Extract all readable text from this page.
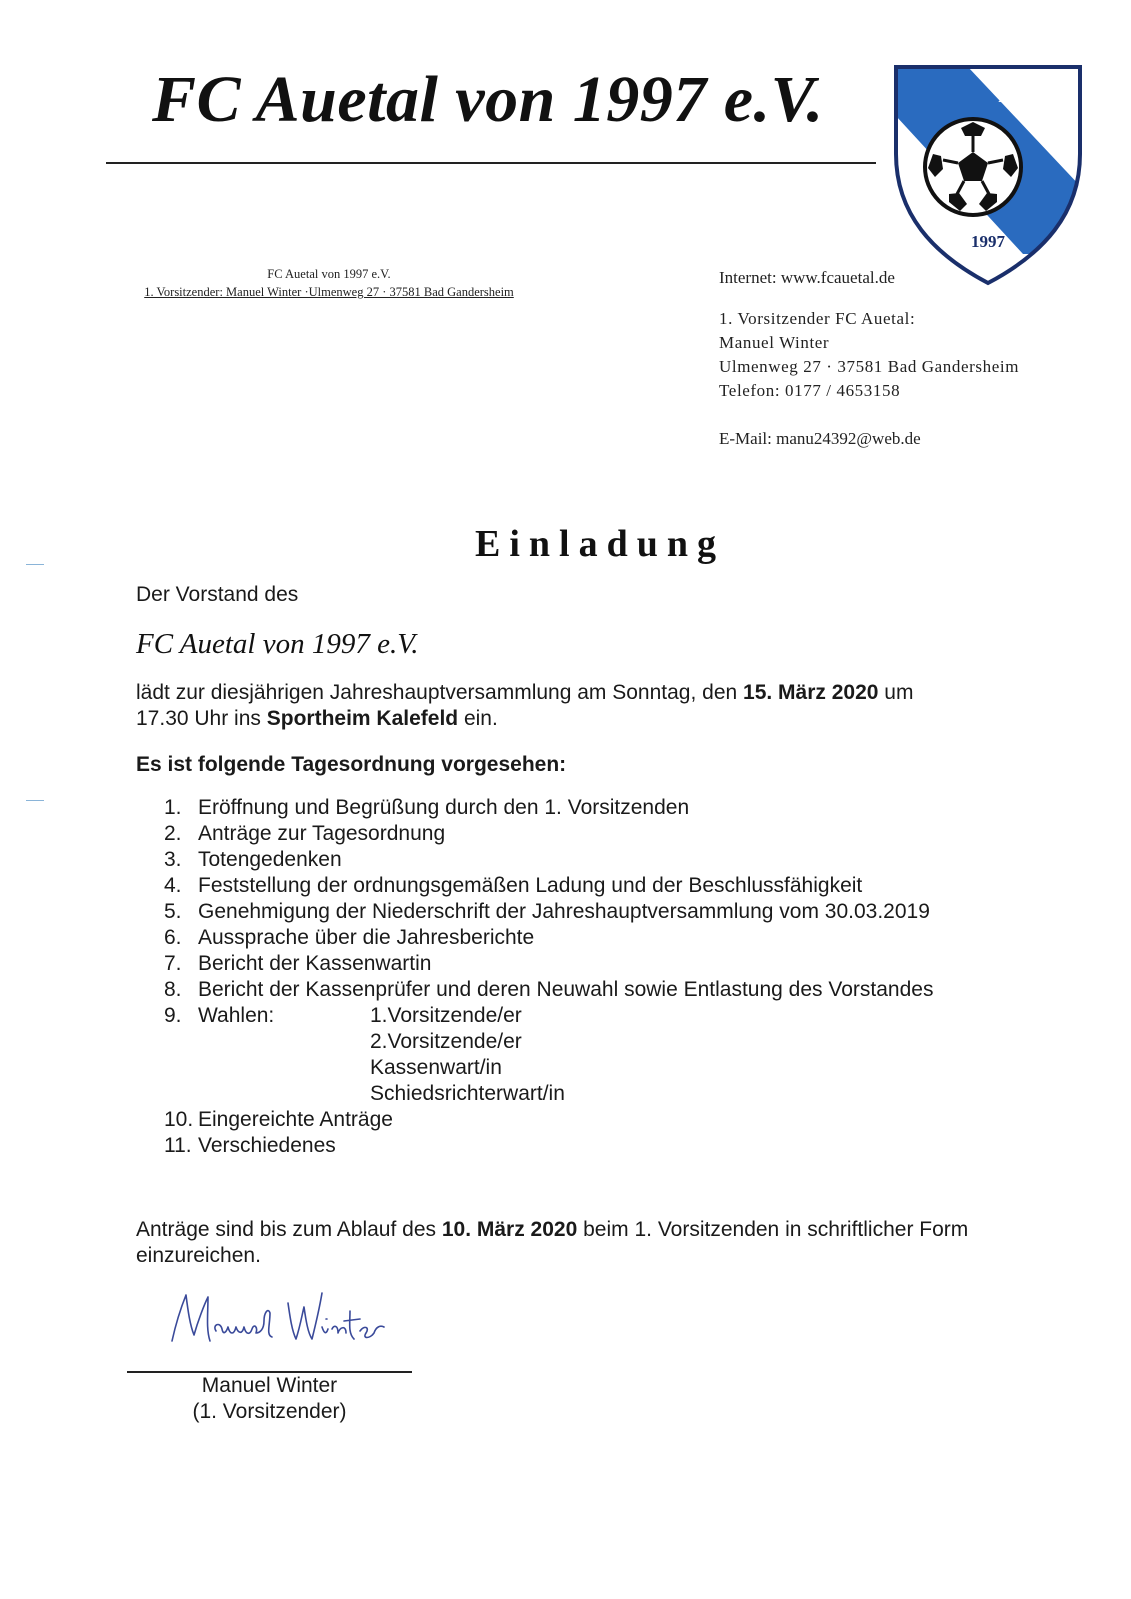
FC Auetal von 1997 e.V.	FC
AUETAL
1997
FC Auetal von 1997 e.V.
1. Vorsitzender: Manuel Winter ·Ulmenweg 27 · 37581 Bad Gandersheim
Internet: www.fcauetal.de
1. Vorsitzender FC Auetal:
Manuel Winter
Ulmenweg 27 · 37581 Bad Gandersheim
Telefon: 0177 / 4653158
E-Mail: manu24392@web.de
Einladung
Der Vorstand des
FC Auetal von 1997 e.V.
lädt zur diesjährigen Jahreshauptversammlung am Sonntag, den 15. März 2020 um
17.30 Uhr ins Sportheim Kalefeld ein.
Es ist folgende Tagesordnung vorgesehen:
1. Eröffnung und Begrüßung durch den 1. Vorsitzenden
2. Anträge zur Tagesordnung
3. Totengedenken
4. Feststellung der ordnungsgemäßen Ladung und der Beschlussfähigkeit
5. Genehmigung der Niederschrift der Jahreshauptversammlung vom 30.03.2019
6. Aussprache über die Jahresberichte
7. Bericht der Kassenwartin
8. Bericht der Kassenprüfer und deren Neuwahl sowie Entlastung des Vorstandes
9. Wahlen:	1.Vorsitzende/er
2.Vorsitzende/er
Kassenwart/in
Schiedsrichterwart/in
10. Eingereichte Anträge
11. Verschiedenes
Anträge sind bis zum Ablauf des 10. März 2020 beim 1. Vorsitzenden in schriftlicher Form einzureichen.
Manuel Winter
(1. Vorsitzender)
